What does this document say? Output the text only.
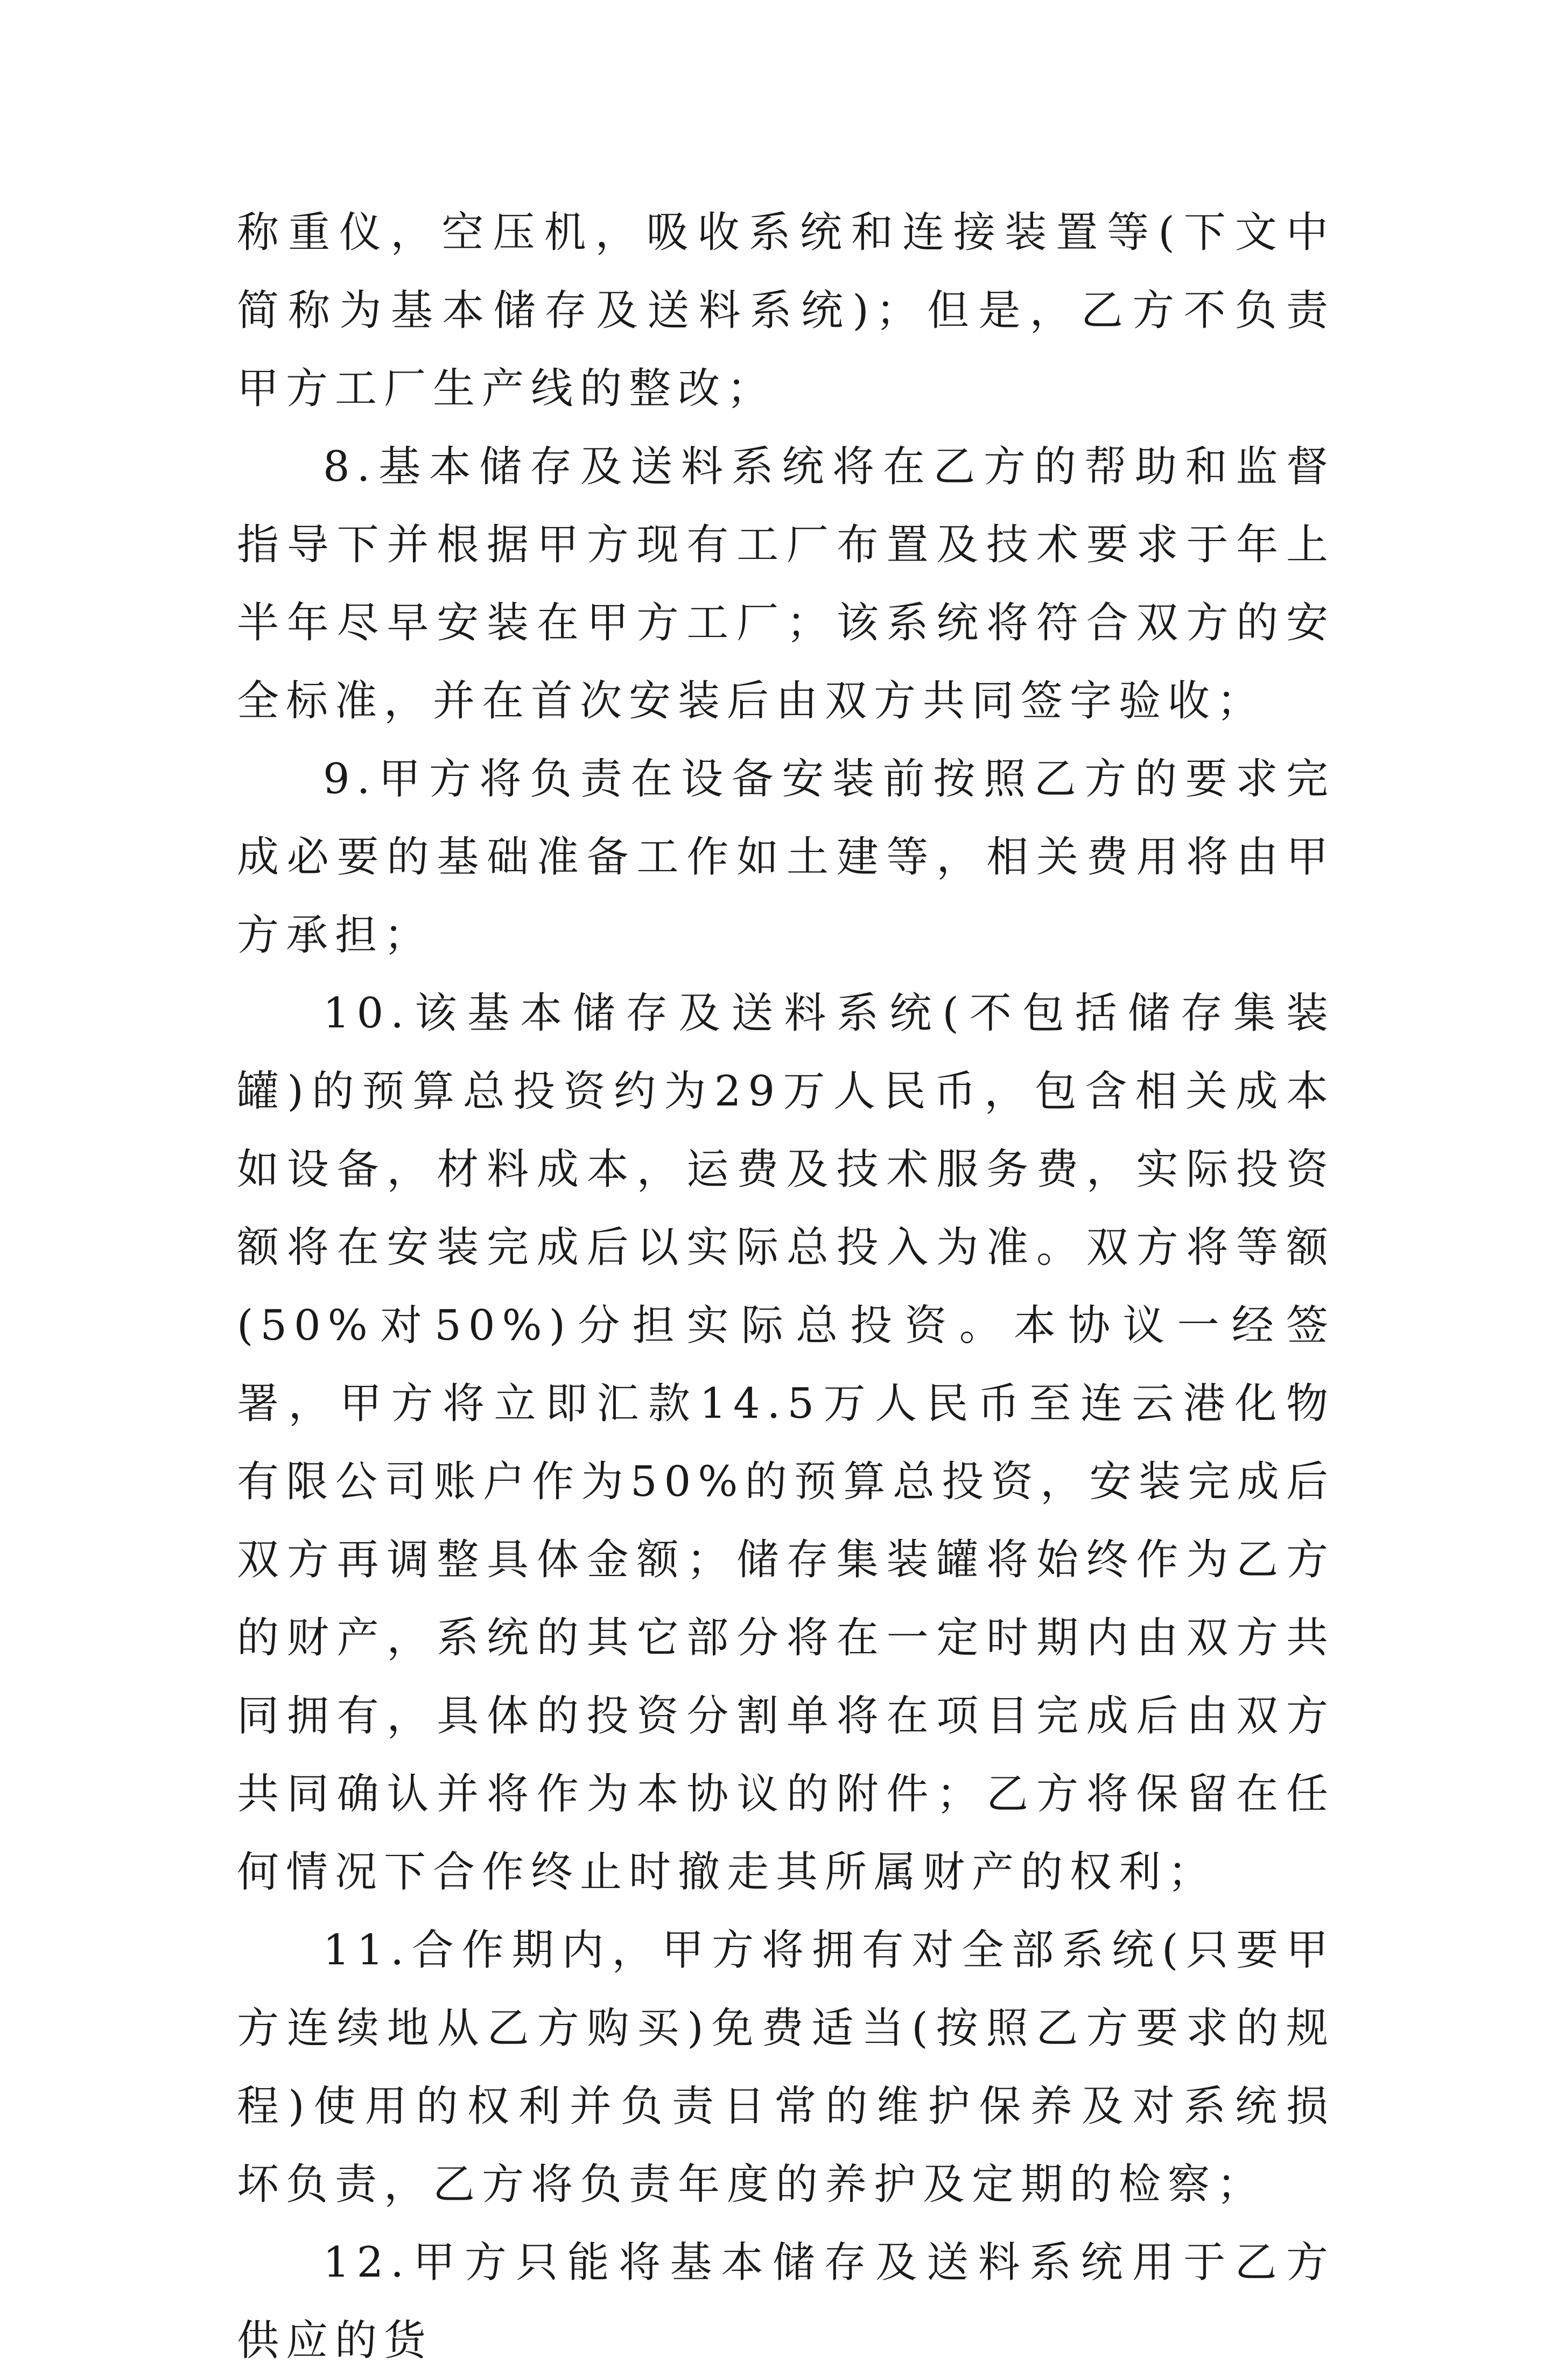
称重仪，空压机，吸收系统和连接装置等(下文中简称为基本储存及送料系统)；但是，乙方不负责甲方工厂生产线的整改；

8.基本储存及送料系统将在乙方的帮助和监督指导下并根据甲方现有工厂布置及技术要求于年上半年尽早安装在甲方工厂；该系统将符合双方的安全标准，并在首次安装后由双方共同签字验收；

9.甲方将负责在设备安装前按照乙方的要求完成必要的基础准备工作如土建等，相关费用将由甲方承担；

10.该基本储存及送料系统(不包括储存集装罐)的预算总投资约为29万人民币，包含相关成本如设备，材料成本，运费及技术服务费，实际投资额将在安装完成后以实际总投入为准。双方将等额(50%对50%)分担实际总投资。本协议一经签署，甲方将立即汇款14.5万人民币至连云港化物有限公司账户作为50%的预算总投资，安装完成后双方再调整具体金额；储存集装罐将始终作为乙方的财产，系统的其它部分将在一定时期内由双方共同拥有，具体的投资分割单将在项目完成后由双方共同确认并将作为本协议的附件；乙方将保留在任何情况下合作终止时撤走其所属财产的权利；

11.合作期内，甲方将拥有对全部系统(只要甲方连续地从乙方购买)免费适当(按照乙方要求的规程)使用的权利并负责日常的维护保养及对系统损坏负责，乙方将负责年度的养护及定期的检察；

12.甲方只能将基本储存及送料系统用于乙方供应的货
